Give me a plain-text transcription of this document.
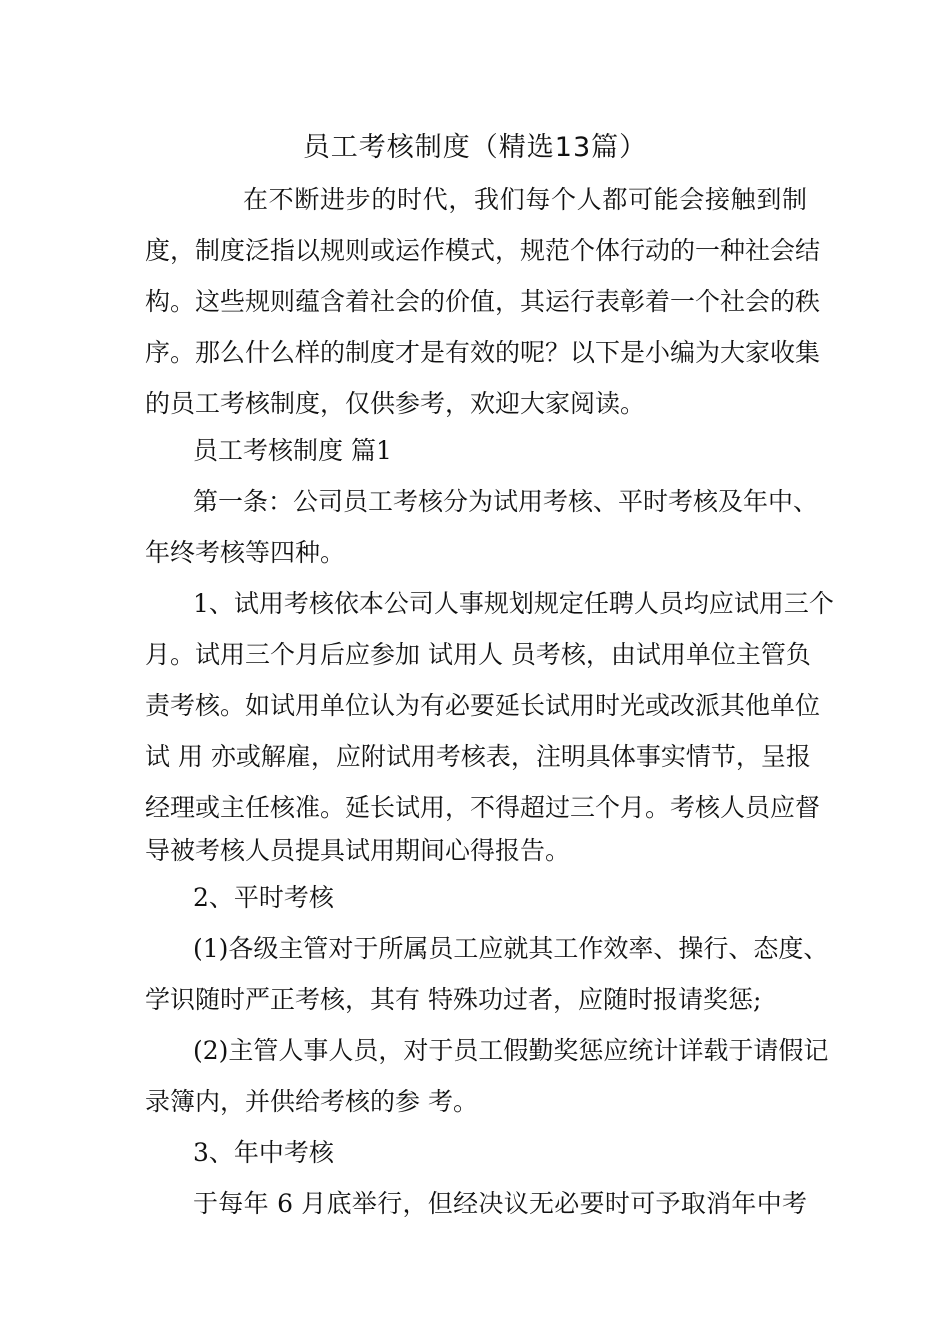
员工考核制度（精选13篇）
在不断进步的时代，我们每个人都可能会接触到制
度，制度泛指以规则或运作模式，规范个体行动的一种社会结
构。这些规则蕴含着社会的价值，其运行表彰着一个社会的秩
序。那么什么样的制度才是有效的呢？以下是小编为大家收集
的员工考核制度，仅供参考，欢迎大家阅读。
员工考核制度 篇1
第一条：公司员工考核分为试用考核、平时考核及年中、
年终考核等四种。
1、试用考核依本公司人事规划规定任聘人员均应试用三个
月。试用三个月后应参加 试用人 员考核，由试用单位主管负
责考核。如试用单位认为有必要延长试用时光或改派其他单位
试 用 亦或解雇，应附试用考核表，注明具体事实情节，呈报
经理或主任核准。延长试用，不得超过三个月。考核人员应督
导被考核人员提具试用期间心得报告。
2、平时考核
(1)各级主管对于所属员工应就其工作效率、操行、态度、
学识随时严正考核，其有 特殊功过者，应随时报请奖惩;
(2)主管人事人员，对于员工假勤奖惩应统计详载于请假记
录簿内，并供给考核的参 考。
3、年中考核
于每年 6 月底举行，但经决议无必要时可予取消年中考
